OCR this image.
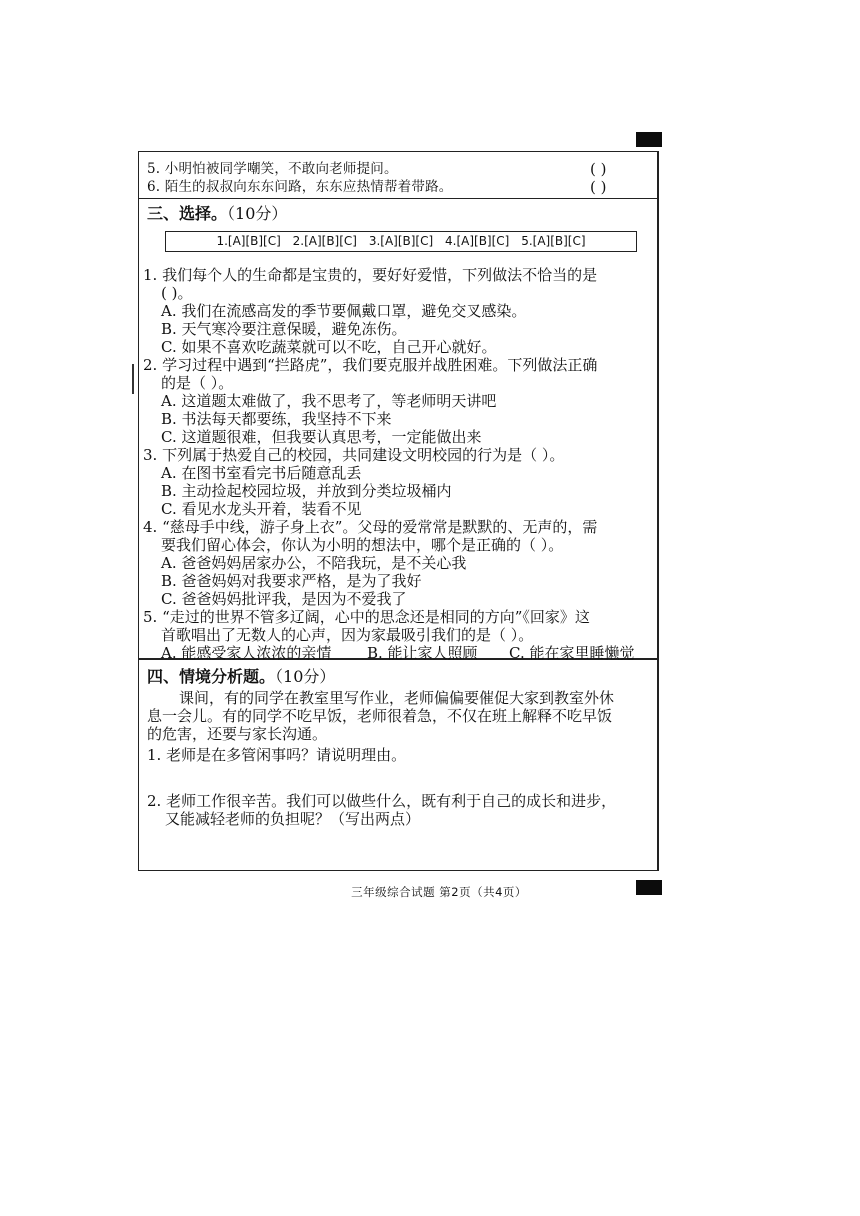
5. 小明怕被同学嘲笑，不敢向老师提问。	( )
6. 陌生的叔叔向东东问路，东东应热情帮着带路。	( )
三、选择。（10分）
1.[A][B][C] 2.[A][B][C] 3.[A][B][C] 4.[A][B][C] 5.[A][B][C]
1. 我们每个人的生命都是宝贵的，要好好爱惜，下列做法不恰当的是
( )。
A. 我们在流感高发的季节要佩戴口罩，避免交叉感染。
B. 天气寒冷要注意保暖，避免冻伤。
C. 如果不喜欢吃蔬菜就可以不吃，自己开心就好。
2. 学习过程中遇到“拦路虎”，我们要克服并战胜困难。下列做法正确
的是（ ）。
A. 这道题太难做了，我不思考了，等老师明天讲吧
B. 书法每天都要练，我坚持不下来
C. 这道题很难，但我要认真思考，一定能做出来
3. 下列属于热爱自己的校园，共同建设文明校园的行为是（ ）。
A. 在图书室看完书后随意乱丢
B. 主动捡起校园垃圾，并放到分类垃圾桶内
C. 看见水龙头开着，装看不见
4. “慈母手中线，游子身上衣”。父母的爱常常是默默的、无声的，需
要我们留心体会，你认为小明的想法中，哪个是正确的（ ）。
A. 爸爸妈妈居家办公，不陪我玩，是不关心我
B. 爸爸妈妈对我要求严格，是为了我好
C. 爸爸妈妈批评我，是因为不爱我了
5. “走过的世界不管多辽阔，心中的思念还是相同的方向”《回家》这
首歌唱出了无数人的心声，因为家最吸引我们的是（ ）。
A. 能感受家人浓浓的亲情 B. 能让家人照顾 C. 能在家里睡懒觉
四、情境分析题。（10分）
课间，有的同学在教室里写作业，老师偏偏要催促大家到教室外休
息一会儿。有的同学不吃早饭，老师很着急，不仅在班上解释不吃早饭
的危害，还要与家长沟通。
1. 老师是在多管闲事吗？请说明理由。
2. 老师工作很辛苦。我们可以做些什么，既有利于自己的成长和进步，
又能减轻老师的负担呢？（写出两点）
三年级综合试题 第2页（共4页）
